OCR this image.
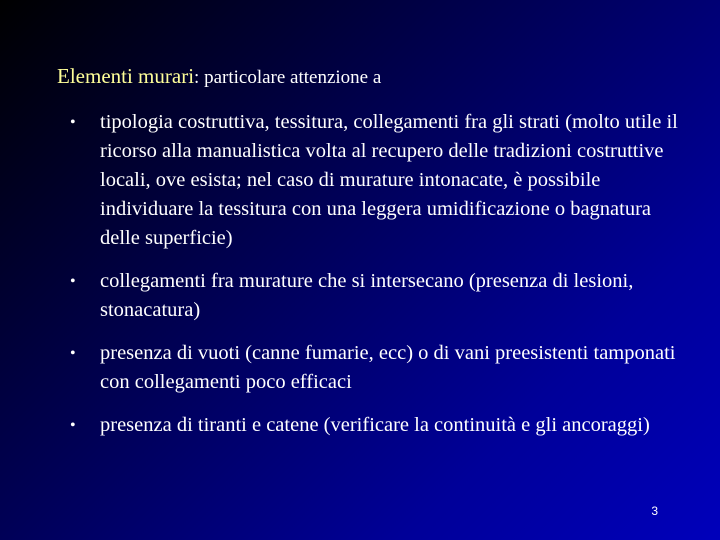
Elementi murari: particolare attenzione a
•	tipologia costruttiva, tessitura, collegamenti fra gli strati (molto utile il ricorso alla manualistica volta al recupero delle tradizioni costruttive locali, ove esista; nel caso di murature intonacate, è possibile individuare la tessitura con una leggera umidificazione o bagnatura delle superficie)
•	collegamenti fra murature che si intersecano (presenza di lesioni, stonacatura)
•	presenza di vuoti (canne fumarie, ecc) o di vani preesistenti tamponati con collegamenti poco efficaci
•	presenza di tiranti e catene (verificare la continuità e gli ancoraggi)
3
